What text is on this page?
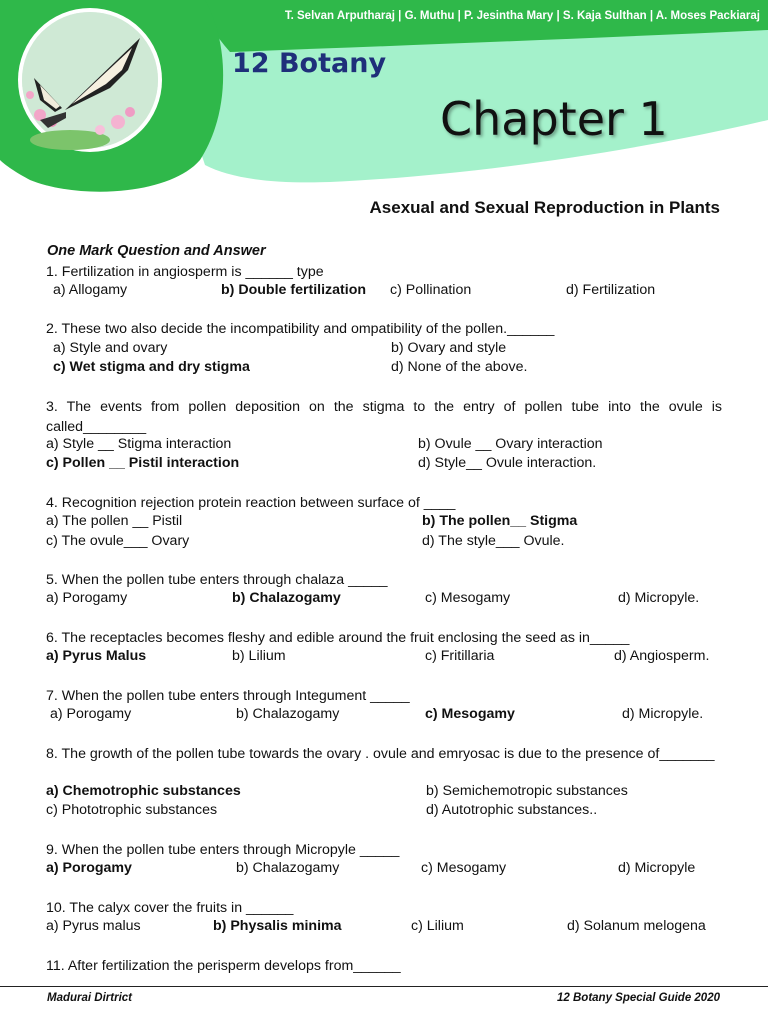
T. Selvan Arputharaj | G. Muthu | P. Jesintha Mary | S. Kaja Sulthan | A. Moses Packiaraj
12 Botany
Chapter 1
Asexual and Sexual Reproduction in Plants
One Mark Question and Answer
1. Fertilization in angiosperm is ______ type
a) Allogamy	b) Double fertilization c) Pollination	d) Fertilization
2. These two also decide the incompatibility and ompatibility of the pollen.______
a) Style and ovary	b) Ovary and style
c) Wet stigma and dry stigma	d) None of the above.
3. The events from pollen deposition on the stigma to the entry of pollen tube into the ovule is called________
a) Style __ Stigma interaction	b) Ovule __ Ovary interaction
c) Pollen __ Pistil interaction	d) Style__ Ovule interaction.
4. Recognition rejection protein reaction between surface of ____
a) The pollen __ Pistil	b) The pollen__ Stigma
c) The ovule___ Ovary	d) The style___ Ovule.
5. When the pollen tube enters through chalaza _____
a) Porogamy	b) Chalazogamy	c) Mesogamy	d) Micropyle.
6. The receptacles becomes fleshy and edible around the fruit enclosing the seed as in_____
a) Pyrus Malus	b) Lilium	c) Fritillaria	d) Angiosperm.
7. When the pollen tube enters through Integument _____
a) Porogamy	b) Chalazogamy	c) Mesogamy	d) Micropyle.
8. The growth of the pollen tube towards the ovary . ovule and emryosac is due to the presence of_______
a) Chemotrophic substances	b) Semichemotropic substances
c) Phototrophic substances	d) Autotrophic substances..
9. When the pollen tube enters through Micropyle _____
a) Porogamy	b) Chalazogamy	c) Mesogamy	d) Micropyle
10. The calyx cover the fruits in ______
a) Pyrus malus	b) Physalis minima	c) Lilium	d) Solanum melogena
11. After fertilization the perisperm develops from______
Madurai Dirtrict	12 Botany Special Guide 2020
